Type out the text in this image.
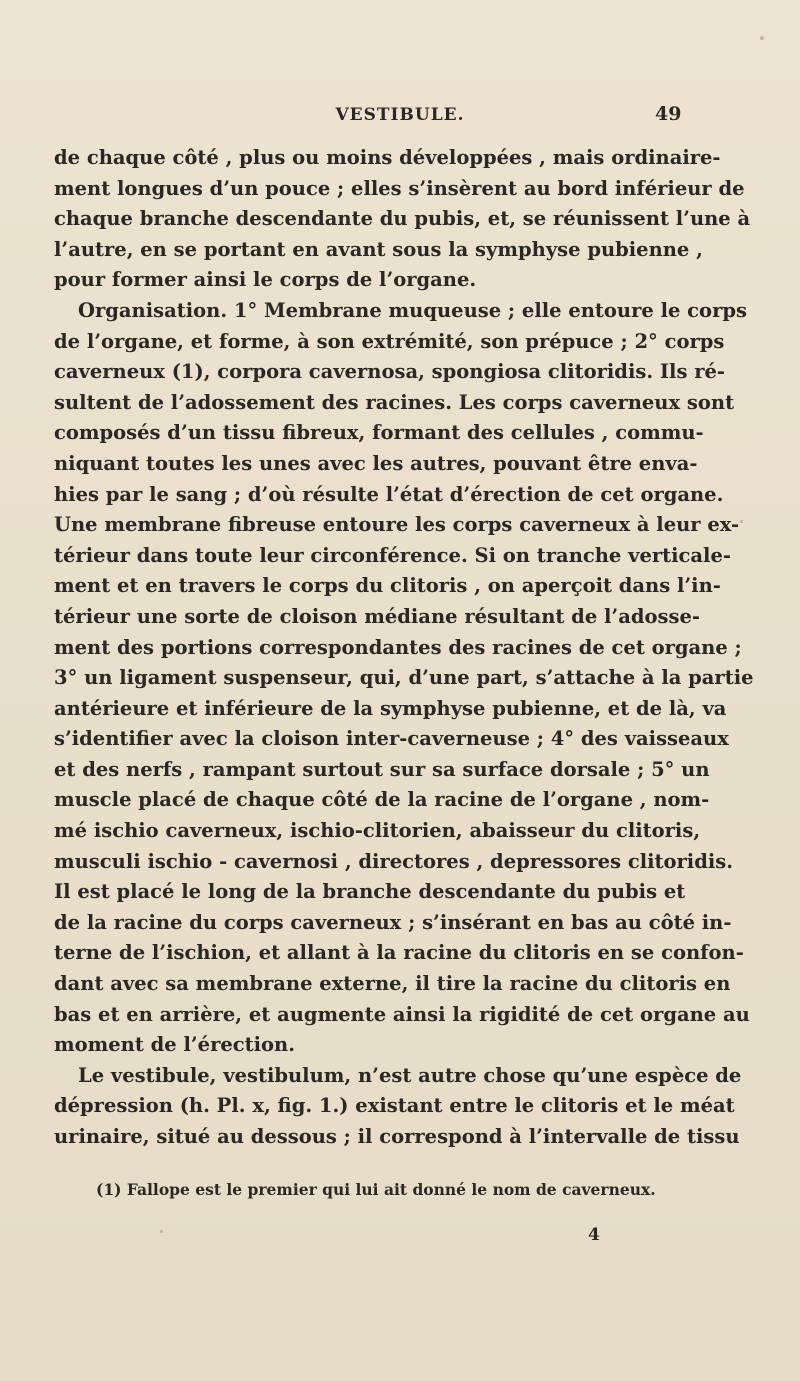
VESTIBULE.	49
de chaque côté , plus ou moins développées , mais ordinaire-
ment longues d’un pouce ; elles s’insèrent au bord inférieur de
chaque branche descendante du pubis, et, se réunissent l’une à
l’autre, en se portant en avant sous la symphyse pubienne ,
pour former ainsi le corps de l’organe.
Organisation. 1° Membrane muqueuse ; elle entoure le corps
de l’organe, et forme, à son extrémité, son prépuce ; 2° corps
caverneux (1), corpora cavernosa, spongiosa clitoridis. Ils ré-
sultent de l’adossement des racines. Les corps caverneux sont
composés d’un tissu fibreux, formant des cellules , commu-
niquant toutes les unes avec les autres, pouvant être enva-
hies par le sang ; d’où résulte l’état d’érection de cet organe.
Une membrane fibreuse entoure les corps caverneux à leur ex-
térieur dans toute leur circonférence. Si on tranche verticale-
ment et en travers le corps du clitoris , on aperçoit dans l’in-
térieur une sorte de cloison médiane résultant de l’adosse-
ment des portions correspondantes des racines de cet organe ;
3° un ligament suspenseur, qui, d’une part, s’attache à la partie
antérieure et inférieure de la symphyse pubienne, et de là, va
s’identifier avec la cloison inter-caverneuse ; 4° des vaisseaux
et des nerfs , rampant surtout sur sa surface dorsale ; 5° un
muscle placé de chaque côté de la racine de l’organe , nom-
mé ischio caverneux, ischio-clitorien, abaisseur du clitoris,
musculi ischio - cavernosi , directores , depressores clitoridis.
Il est placé le long de la branche descendante du pubis et
de la racine du corps caverneux ; s’insérant en bas au côté in-
terne de l’ischion, et allant à la racine du clitoris en se confon-
dant avec sa membrane externe, il tire la racine du clitoris en
bas et en arrière, et augmente ainsi la rigidité de cet organe au
moment de l’érection.
Le vestibule, vestibulum, n’est autre chose qu’une espèce de
dépression (h. Pl. x, fig. 1.) existant entre le clitoris et le méat
urinaire, situé au dessous ; il correspond à l’intervalle de tissu
(1) Fallope est le premier qui lui ait donné le nom de caverneux.
4
